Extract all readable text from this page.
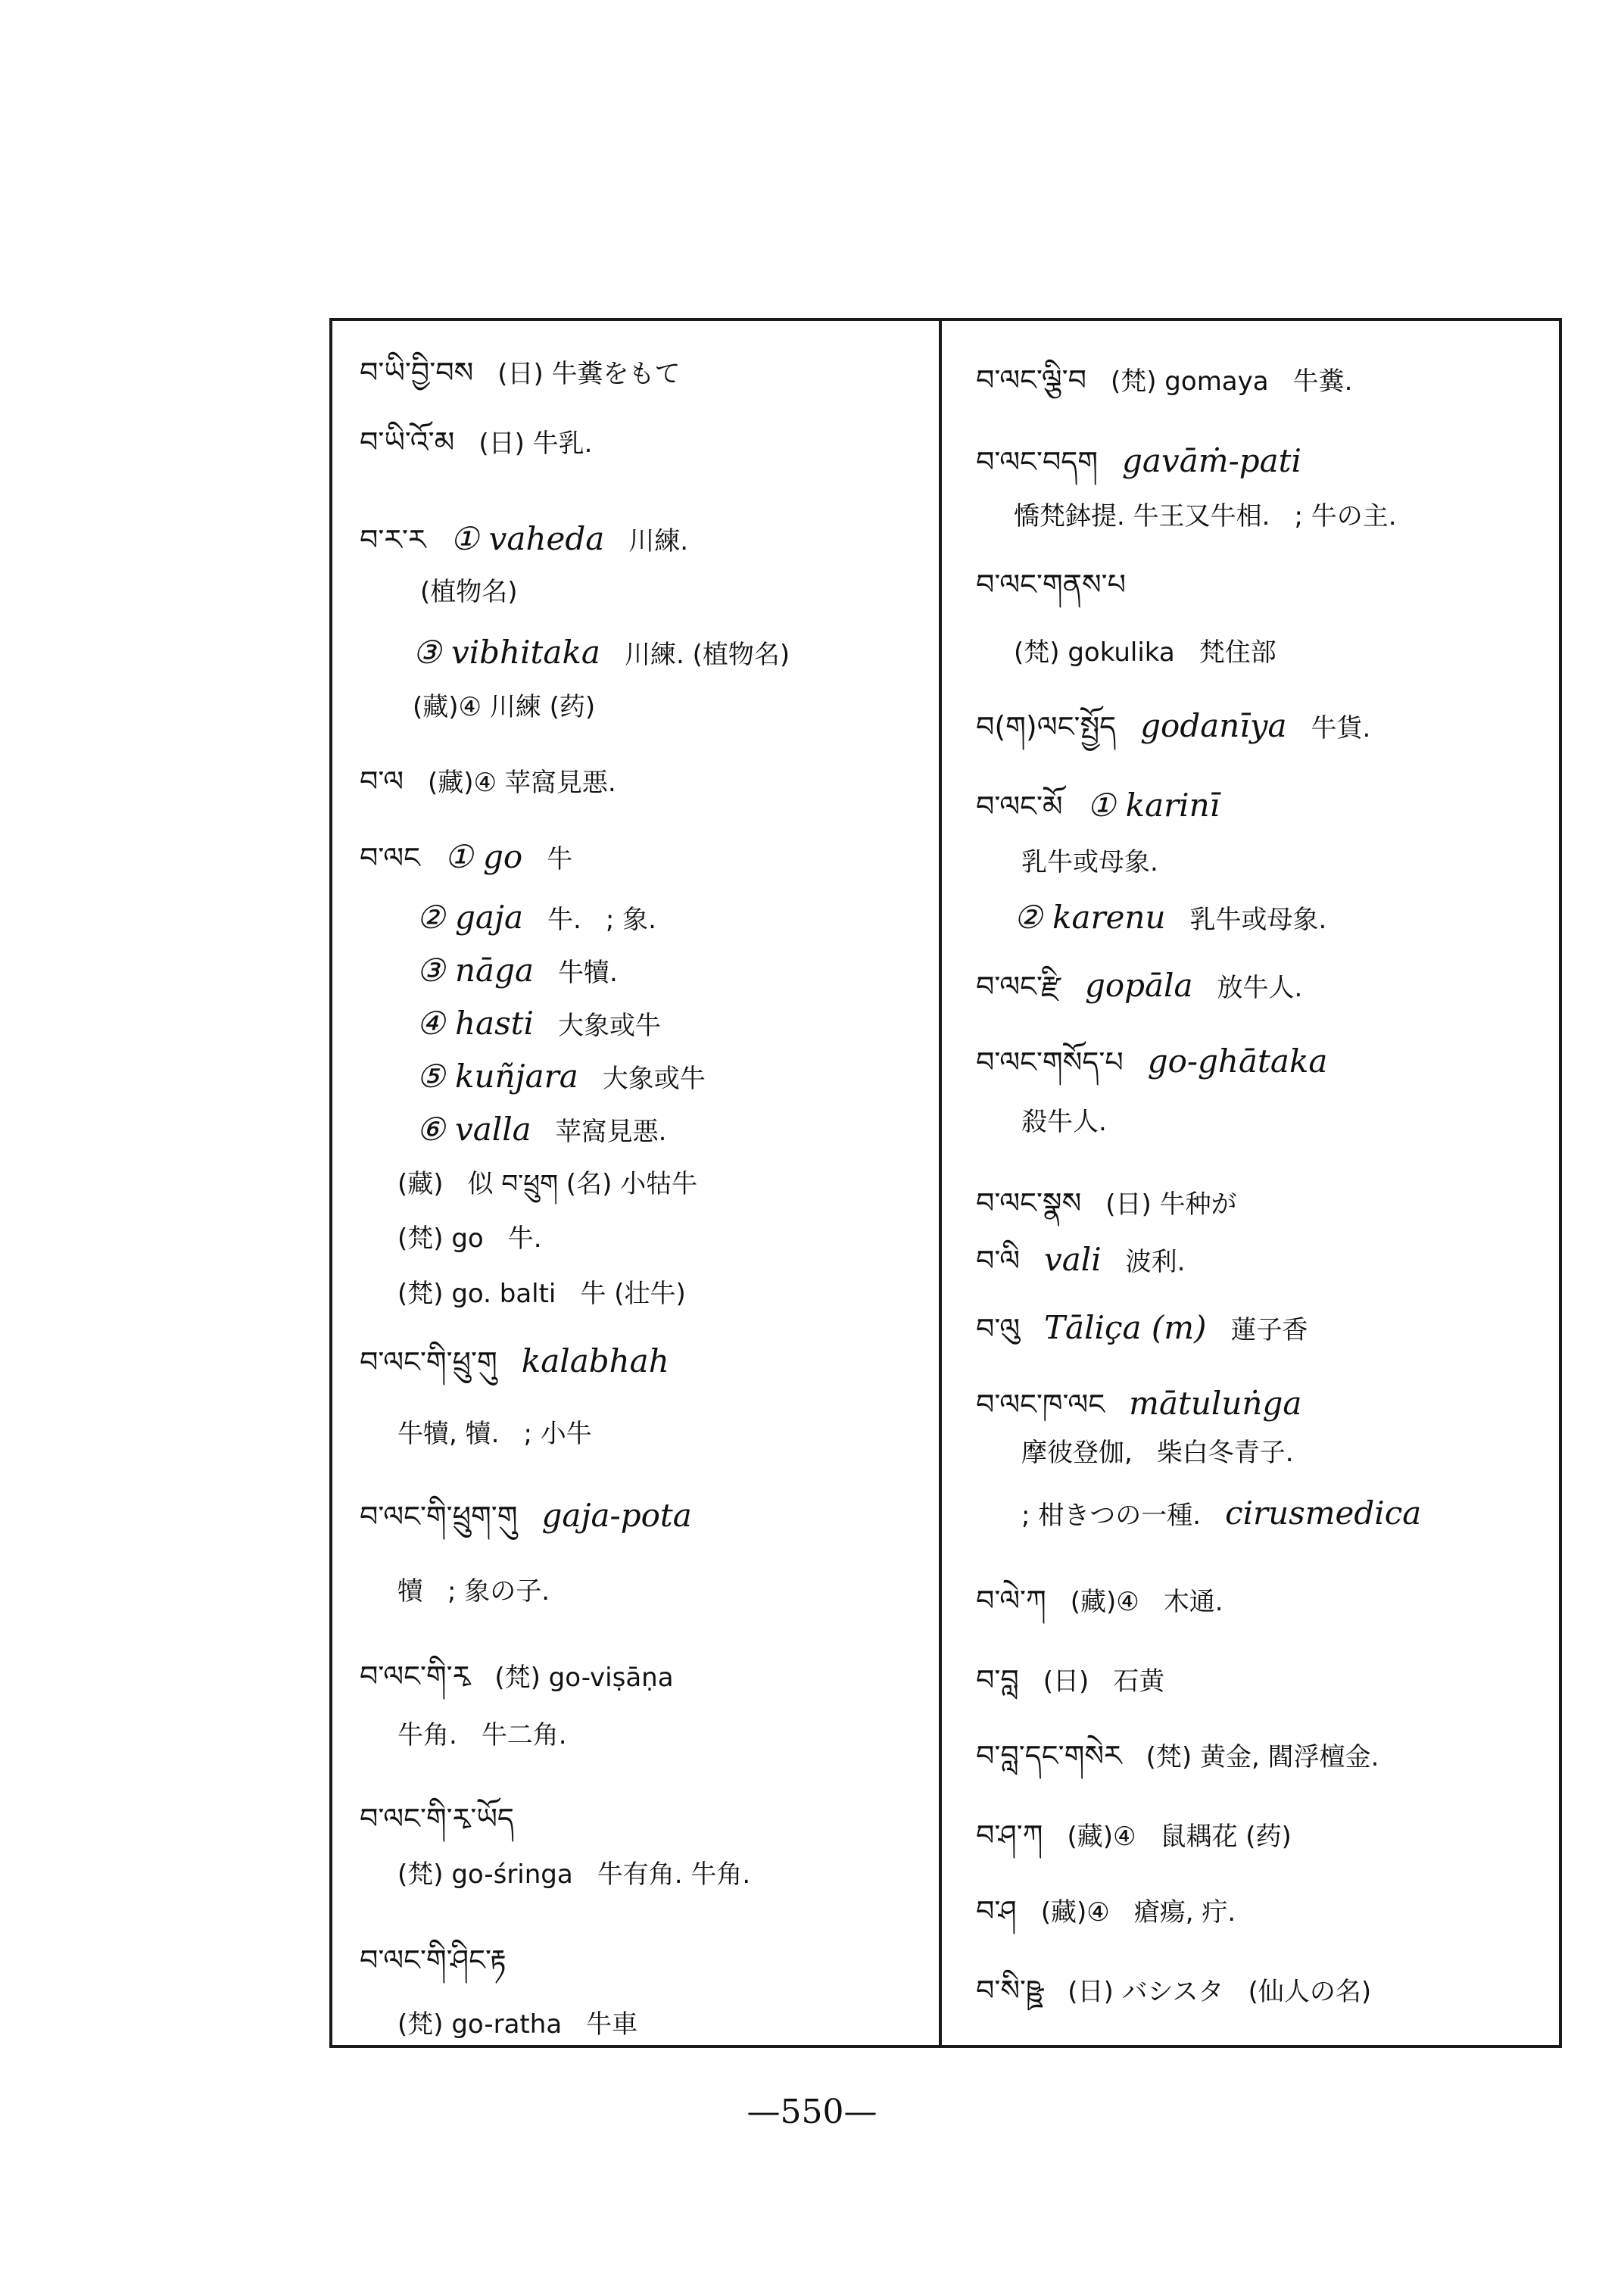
བ་ཡི་བྱི་བས (日) 牛糞をもて
བ་ཡི་འོ་མ (日) 牛乳.
བ་ར་ར ① vaheda 川練.
(植物名)
③ vibhitaka 川練. (植物名)
(藏)④ 川練 (药)
བ་ལ (藏)④ 苹窩見悪.
བ་ལང ① go 牛
② gaja 牛. ; 象.
③ nāga 牛犢.
④ hasti 大象或牛
⑤ kuñjara 大象或牛
⑥ valla 苹窩見悪.
(藏) 似 བ་ཕྲུག (名) 小牯牛
(梵) go 牛.
(梵) go. balti 牛 (壮牛)
བ་ལང་གི་ཕྲུ་གུ kalabhah
牛犢, 犢. ; 小牛
བ་ལང་གི་ཕྲུག་གུ gaja-pota
犢 ; 象の子.
བ་ལང་གི་རྭ (梵) go-viṣāṇa
牛角. 牛二角.
བ་ལང་གི་རྭ་ཡོད
(梵) go-śringa 牛有角. 牛角.
བ་ལང་གི་ཤིང་རྟ
(梵) go-ratha 牛車
བ་ལང་ལྕི་བ (梵) gomaya 牛糞.
བ་ལང་བདག gavāṁ-pati
憍梵鉢提. 牛王又牛相. ; 牛の主.
བ་ལང་གནས་པ
(梵) gokulika 梵住部
བ(ག)ལང་སྤྱོད godanīya 牛貨.
བ་ལང་མོ ① karinī
乳牛或母象.
② karenu 乳牛或母象.
བ་ལང་རྫི gopāla 放牛人.
བ་ལང་གསོད་པ go-ghātaka
殺牛人.
བ་ལང་སྣས (日) 牛种が
བ་ལི vali 波利.
བ་ལུ Tāliça (m) 蓮子香
བ་ལང་ཁ་ལང mātuluṅga
摩彼登伽, 柴白冬青子.
; 柑きつの一種. cirusmedica
བ་ལེ་ཀ (藏)④ 木通.
བ་བླ (日) 石黄
བ་བླ་དང་གསེར (梵) 黄金, 閻浮檀金.
བ་ཤ་ཀ (藏)④ 鼠耦花 (药)
བ་ཤ (藏)④ 瘡瘍, 疔.
བ་སི་ཥྛ (日) バシスタ (仙人の名)
—550—
